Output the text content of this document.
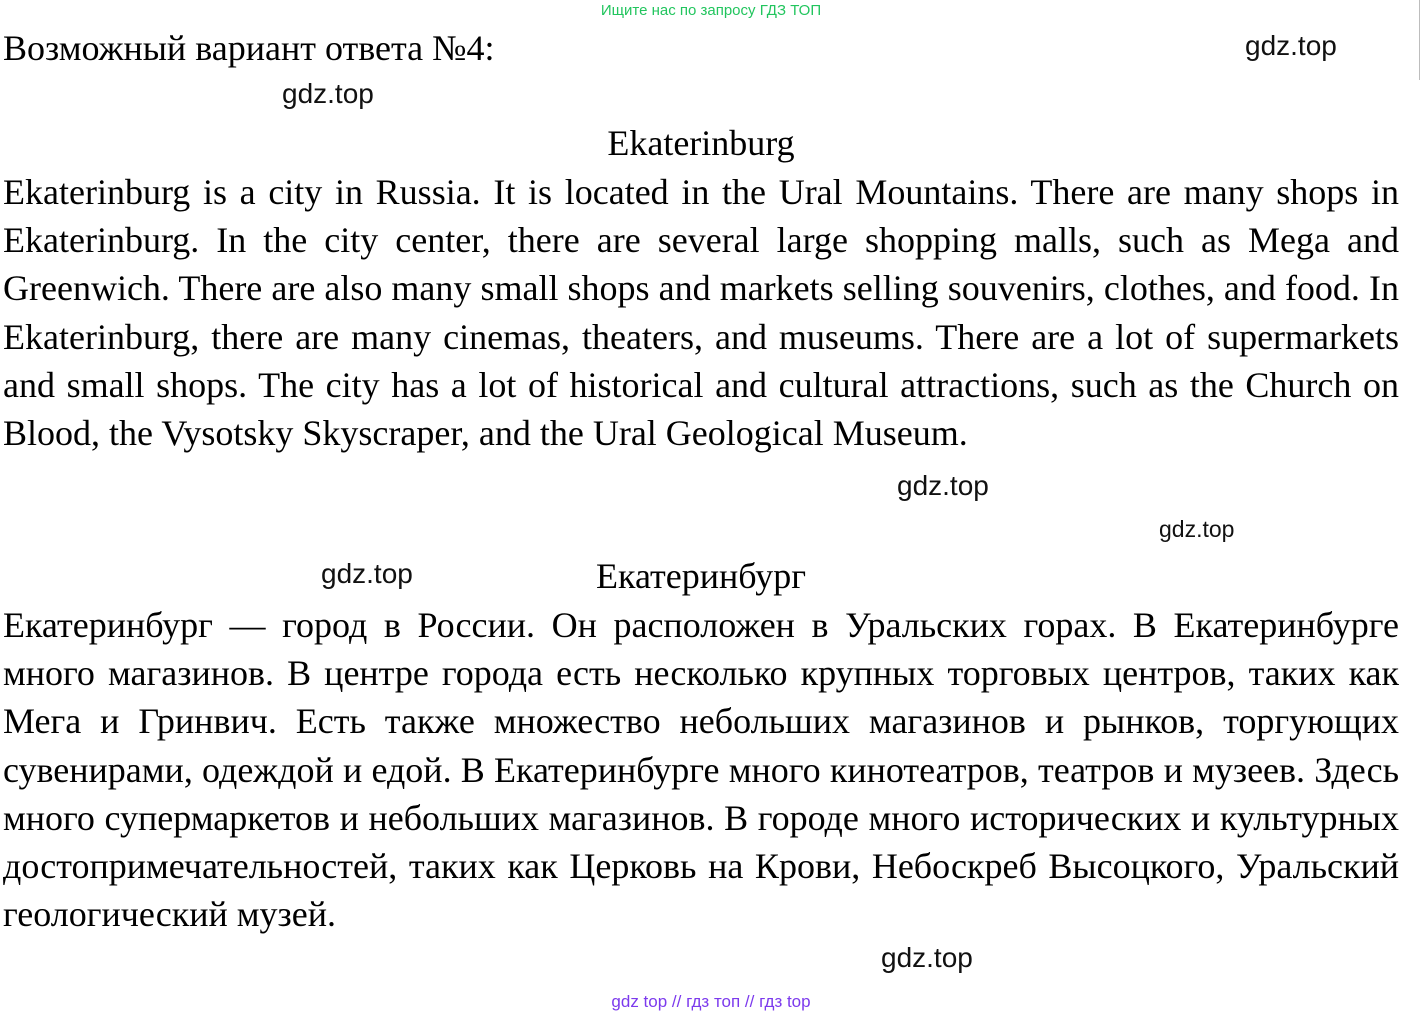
Ищите нас по запросу ГДЗ ТОП
Возможный вариант ответа №4:	gdz.top
gdz.top
Ekaterinburg

Ekaterinburg is a city in Russia. It is located in the Ural Mountains. There are many shops in Ekaterinburg. In the city center, there are several large shopping malls, such as Mega and Greenwich. There are also many small shops and markets selling souvenirs, clothes, and food. In Ekaterinburg, there are many cinemas, theaters, and museums. There are a lot of supermarkets and small shops. The city has a lot of historical and cultural attractions, such as the Church on Blood, the Vysotsky Skyscraper, and the Ural Geological Museum.

gdz.top
gdz.top
gdz.top	Екатеринбург

Екатеринбург — город в России. Он расположен в Уральских горах. В Екатеринбурге много магазинов. В центре города есть несколько крупных торговых центров, таких как Мега и Гринвич. Есть также множество небольших магазинов и рынков, торгующих сувенирами, одеждой и едой. В Екатеринбурге много кинотеатров, театров и музеев. Здесь много супермаркетов и небольших магазинов. В городе много исторических и культурных достопримечательностей, таких как Церковь на Крови, Небоскреб Высоцкого, Уральский геологический музей.

gdz.top
gdz top // гдз топ // гдз top
